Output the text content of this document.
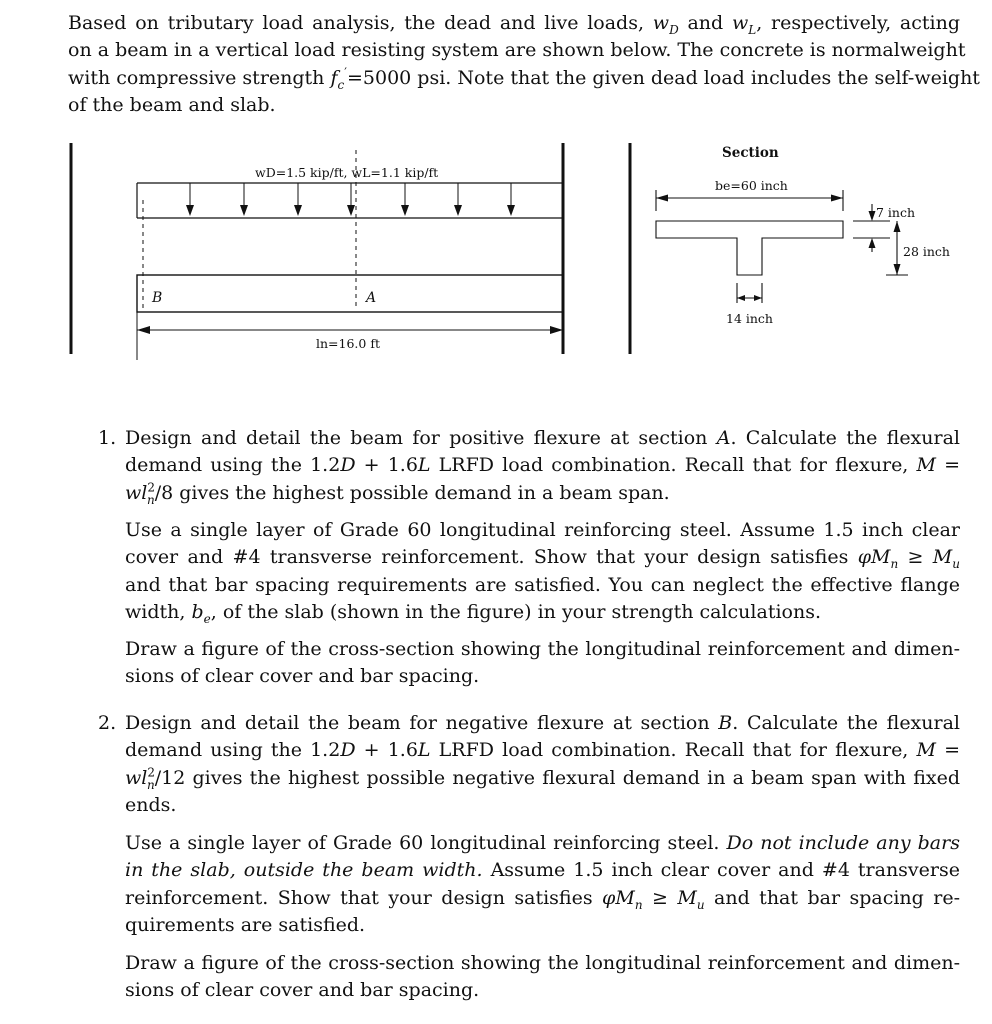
Based on tributary load analysis, the dead and live loads, $w_D$ and $w_L$, respectively, acting
on a beam in a vertical load resisting system are shown below. The concrete is normalweight
with compressive strength $f_c'=5000$ psi. Note that the given dead load includes the self-weight
of the beam and slab.
wD=1.5 kip/ft, wL=1.1 kip/ft
B	A
ln=16.0 ft
Section
be=60 inch
7 inch
28 inch
14 inch
1. Design and detail the beam for positive flexure at section A. Calculate the flexural
demand using the 1.2D + 1.6L LRFD load combination. Recall that for flexure, M =
$wl^2_n/8$ gives the highest possible demand in a beam span.
Use a single layer of Grade 60 longitudinal reinforcing steel. Assume 1.5 inch clear
cover and #4 transverse reinforcement. Show that your design satisfies $\varphi M_n \ge M_u$
and that bar spacing requirements are satisfied. You can neglect the effective flange
width, $b_e$, of the slab (shown in the figure) in your strength calculations.
Draw a figure of the cross-section showing the longitudinal reinforcement and dimen-
sions of clear cover and bar spacing.
2. Design and detail the beam for negative flexure at section B. Calculate the flexural
demand using the 1.2D + 1.6L LRFD load combination. Recall that for flexure, M =
$wl^2_n/12$ gives the highest possible negative flexural demand in a beam span with fixed
ends.
Use a single layer of Grade 60 longitudinal reinforcing steel. Do not include any bars
in the slab, outside the beam width. Assume 1.5 inch clear cover and #4 transverse
reinforcement. Show that your design satisfies $\varphi M_n \ge M_u$ and that bar spacing re-
quirements are satisfied.
Draw a figure of the cross-section showing the longitudinal reinforcement and dimen-
sions of clear cover and bar spacing.
